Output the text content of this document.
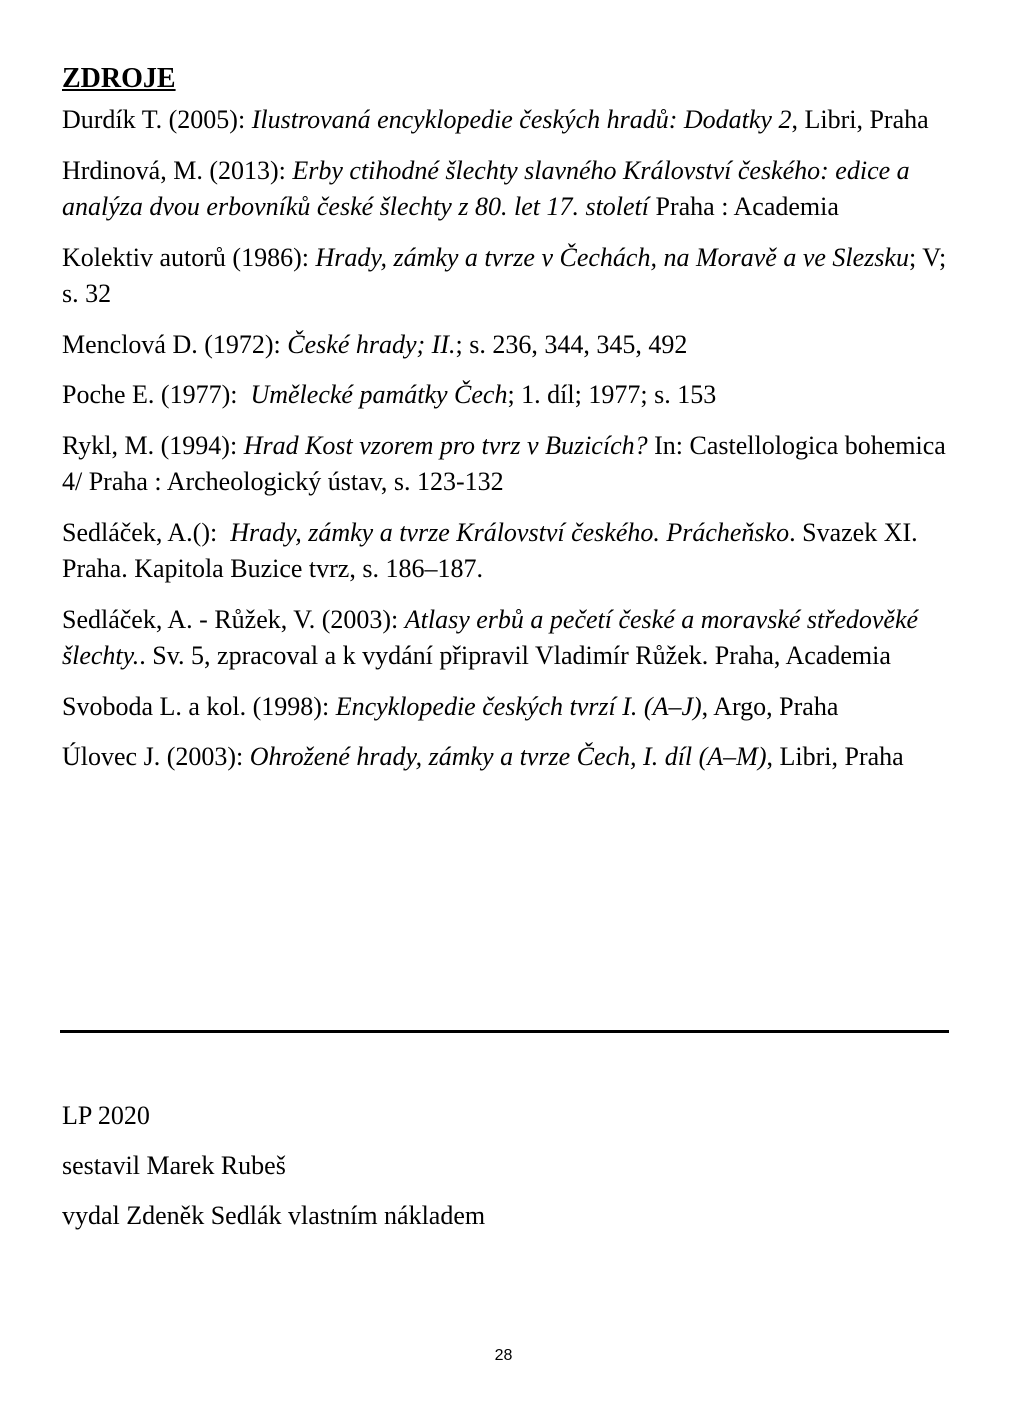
ZDROJE

Durdík T. (2005): Ilustrovaná encyklopedie českých hradů: Dodatky 2, Libri, Praha

Hrdinová, M. (2013): Erby ctihodné šlechty slavného Království českého: edice a analýza dvou erbovníků české šlechty z 80. let 17. století Praha : Academia

Kolektiv autorů (1986): Hrady, zámky a tvrze v Čechách, na Moravě a ve Slezsku; V; s. 32

Menclová D. (1972): České hrady; II.; s. 236, 344, 345, 492

Poche E. (1977):  Umělecké památky Čech; 1. díl; 1977; s. 153

Rykl, M. (1994): Hrad Kost vzorem pro tvrz v Buzicích? In: Castellologica bohemica 4/ Praha : Archeologický ústav, s. 123-132

Sedláček, A.():  Hrady, zámky a tvrze Království českého. Prácheňsko. Svazek XI. Praha. Kapitola Buzice tvrz, s. 186–187.

Sedláček, A. - Růžek, V. (2003): Atlasy erbů a pečetí české a moravské středověké šlechty.. Sv. 5, zpracoval a k vydání připravil Vladimír Růžek. Praha, Academia

Svoboda L. a kol. (1998): Encyklopedie českých tvrzí I. (A–J), Argo, Praha

Úlovec J. (2003): Ohrožené hrady, zámky a tvrze Čech, I. díl (A–M), Libri, Praha

LP 2020

sestavil Marek Rubeš

vydal Zdeněk Sedlák vlastním nákladem

28
